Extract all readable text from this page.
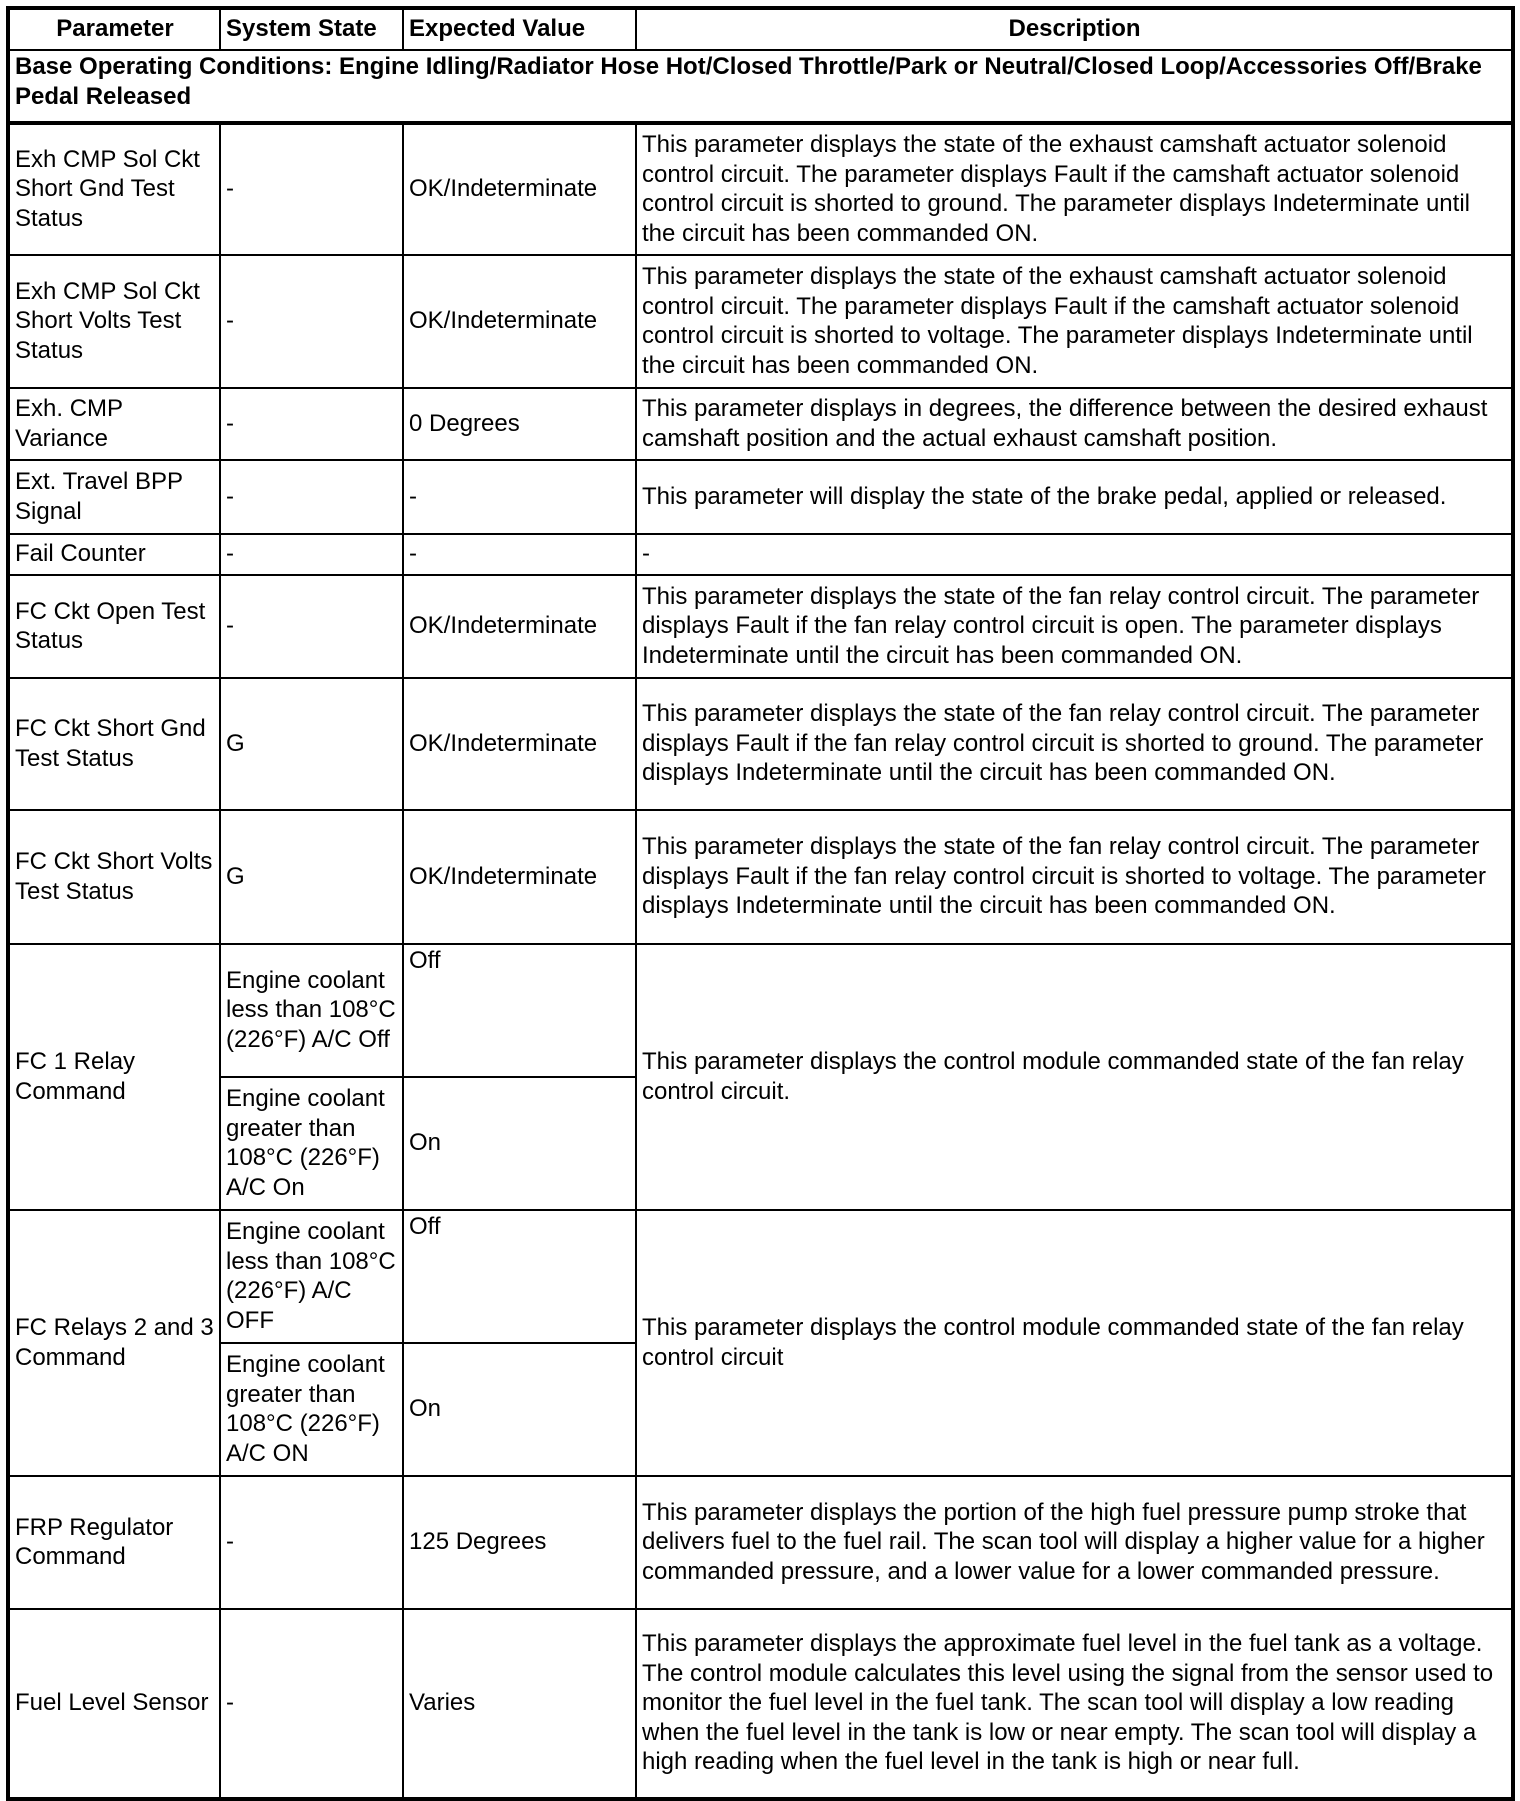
Parameter	System State	Expected Value	Description
Base Operating Conditions: Engine Idling/Radiator Hose Hot/Closed Throttle/Park or Neutral/Closed Loop/Accessories Off/Brake Pedal Released			
Exh CMP Sol Ckt Short Gnd Test Status	-	OK/Indeterminate	This parameter displays the state of the exhaust camshaft actuator solenoid control circuit. The parameter displays Fault if the camshaft actuator solenoid control circuit is shorted to ground. The parameter displays Indeterminate until the circuit has been commanded ON.
Exh CMP Sol Ckt Short Volts Test Status	-	OK/Indeterminate	This parameter displays the state of the exhaust camshaft actuator solenoid control circuit. The parameter displays Fault if the camshaft actuator solenoid control circuit is shorted to voltage. The parameter displays Indeterminate until the circuit has been commanded ON.
Exh. CMP Variance	-	0 Degrees	This parameter displays in degrees, the difference between the desired exhaust camshaft position and the actual exhaust camshaft position.
Ext. Travel BPP Signal	-	-	This parameter will display the state of the brake pedal, applied or released.
Fail Counter	-	-	-
FC Ckt Open Test Status	-	OK/Indeterminate	This parameter displays the state of the fan relay control circuit. The parameter displays Fault if the fan relay control circuit is open. The parameter displays Indeterminate until the circuit has been commanded ON.
FC Ckt Short Gnd Test Status	G	OK/Indeterminate	This parameter displays the state of the fan relay control circuit. The parameter displays Fault if the fan relay control circuit is shorted to ground. The parameter displays Indeterminate until the circuit has been commanded ON.
FC Ckt Short Volts Test Status	G	OK/Indeterminate	This parameter displays the state of the fan relay control circuit. The parameter displays Fault if the fan relay control circuit is shorted to voltage. The parameter displays Indeterminate until the circuit has been commanded ON.
FC 1 Relay Command	Engine coolant less than 108°C (226°F) A/C Off	Off	This parameter displays the control module commanded state of the fan relay control circuit.
	Engine coolant greater than 108°C (226°F) A/C On	On	
FC Relays 2 and 3 Command	Engine coolant less than 108°C (226°F) A/C OFF	Off	This parameter displays the control module commanded state of the fan relay control circuit
	Engine coolant greater than 108°C (226°F) A/C ON	On	
FRP Regulator Command	-	125 Degrees	This parameter displays the portion of the high fuel pressure pump stroke that delivers fuel to the fuel rail. The scan tool will display a higher value for a higher commanded pressure, and a lower value for a lower commanded pressure.
Fuel Level Sensor	-	Varies	This parameter displays the approximate fuel level in the fuel tank as a voltage. The control module calculates this level using the signal from the sensor used to monitor the fuel level in the fuel tank. The scan tool will display a low reading when the fuel level in the tank is low or near empty. The scan tool will display a high reading when the fuel level in the tank is high or near full.
